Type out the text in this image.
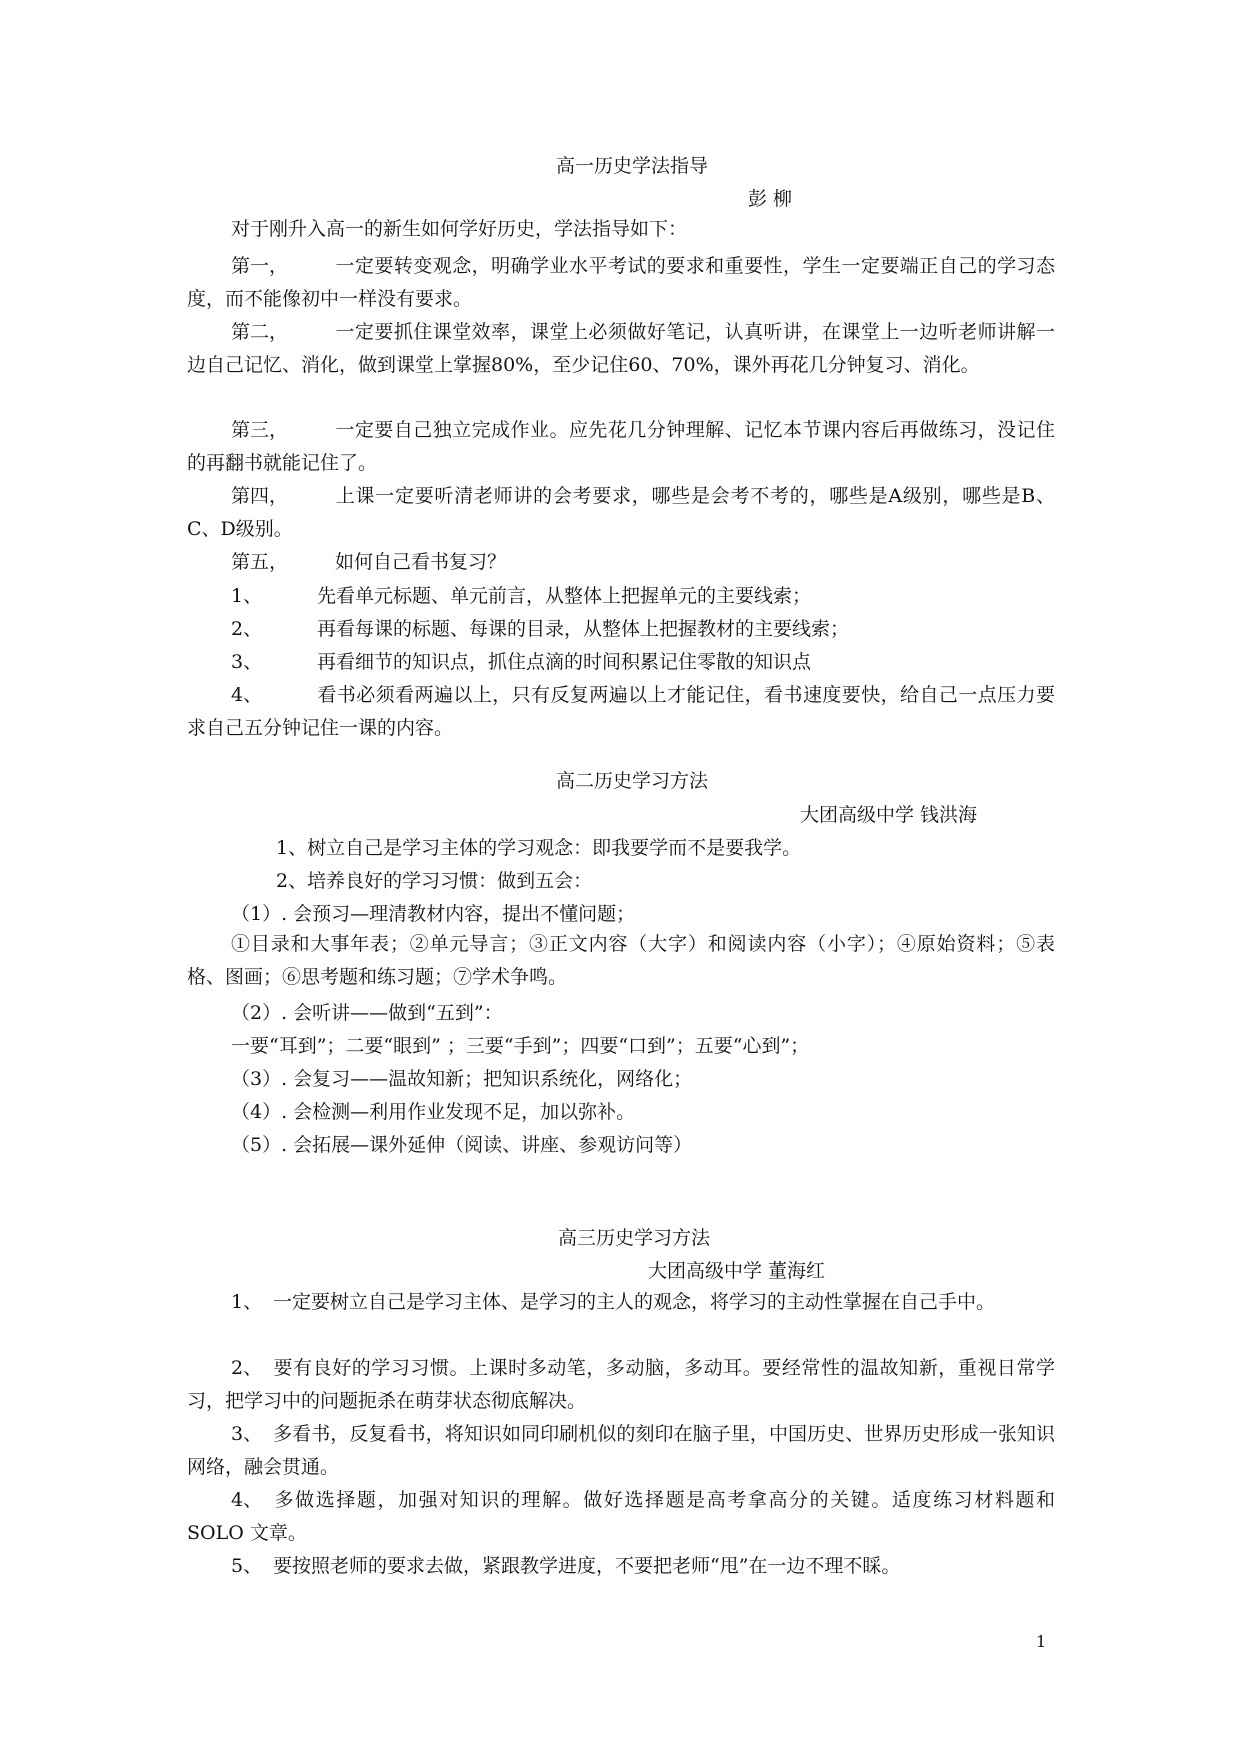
高一历史学法指导
彭 柳
对于刚升入高一的新生如何学好历史，学法指导如下：
第一， 一定要转变观念，明确学业水平考试的要求和重要性，学生一定要端正自己的学习态度，而不能像初中一样没有要求。
第二， 一定要抓住课堂效率，课堂上必须做好笔记，认真听讲，在课堂上一边听老师讲解一边自己记忆、消化，做到课堂上掌握80%，至少记住60、70%，课外再花几分钟复习、消化。
第三， 一定要自己独立完成作业。应先花几分钟理解、记忆本节课内容后再做练习，没记住的再翻书就能记住了。
第四， 上课一定要听清老师讲的会考要求，哪些是会考不考的，哪些是A级别，哪些是B、C、D级别。
第五， 如何自己看书复习？
1、	先看单元标题、单元前言，从整体上把握单元的主要线索；
2、	再看每课的标题、每课的目录，从整体上把握教材的主要线索；
3、	再看细节的知识点，抓住点滴的时间积累记住零散的知识点
4、	看书必须看两遍以上，只有反复两遍以上才能记住，看书速度要快，给自己一点压力要求自己五分钟记住一课的内容。
高二历史学习方法
大团高级中学 钱洪海
1、树立自己是学习主体的学习观念：即我要学而不是要我学。
2、培养良好的学习习惯：做到五会：
（1）. 会预习—理清教材内容，提出不懂问题；
①目录和大事年表；②单元导言；③正文内容（大字）和阅读内容（小字）；④原始资料；⑤表格、图画；⑥思考题和练习题；⑦学术争鸣。
（2）. 会听讲——做到“五到”：
一要“耳到”；二要“眼到” ；三要“手到”；四要“口到”；五要“心到”；
（3）. 会复习——温故知新；把知识系统化，网络化；
（4）. 会检测—利用作业发现不足，加以弥补。
（5）. 会拓展—课外延伸（阅读、讲座、参观访问等）
高三历史学习方法
大团高级中学 董海红
1、 一定要树立自己是学习主体、是学习的主人的观念，将学习的主动性掌握在自己手中。
2、 要有良好的学习习惯。上课时多动笔，多动脑，多动耳。要经常性的温故知新，重视日常学习，把学习中的问题扼杀在萌芽状态彻底解决。
3、 多看书，反复看书，将知识如同印刷机似的刻印在脑子里，中国历史、世界历史形成一张知识网络，融会贯通。
4、 多做选择题，加强对知识的理解。做好选择题是高考拿高分的关键。适度练习材料题和 SOLO 文章。
5、 要按照老师的要求去做，紧跟教学进度，不要把老师“甩”在一边不理不睬。
1
